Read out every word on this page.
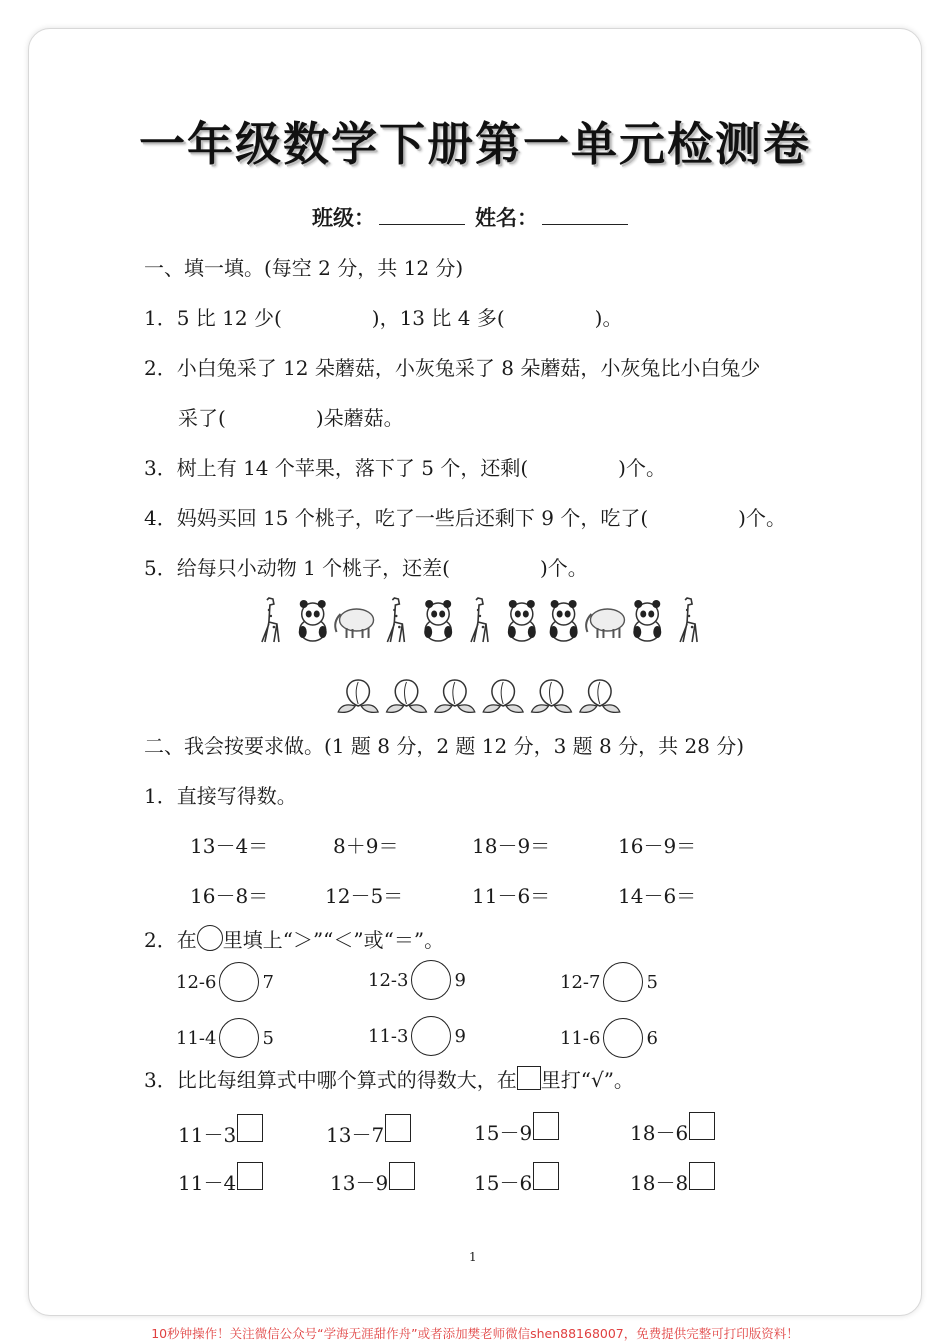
一年级数学下册第一单元检测卷
班级：	姓名：
一、填一填。(每空 2 分，共 12 分)
1．5 比 12 少(	)，13 比 4 多(	)。
2．小白兔采了 12 朵蘑菇，小灰兔采了 8 朵蘑菇，小灰兔比小白兔少
采了(	)朵蘑菇。
3．树上有 14 个苹果，落下了 5 个，还剩(	)个。
4．妈妈买回 15 个桃子，吃了一些后还剩下 9 个，吃了(	)个。
5．给每只小动物 1 个桃子，还差(	)个。
二、我会按要求做。(1 题 8 分，2 题 12 分，3 题 8 分，共 28 分)
1．直接写得数。
13－4＝	8＋9＝	18－9＝	16－9＝
16－8＝	12－5＝	11－6＝	14－6＝
2．在 里填上“＞”“＜”或“＝”。
12-6	7	12-3	9	12-7	5
11-4	5	11-3	9	11-6	6
3．比比每组算式中哪个算式的得数大，在 里打“√”。
11－3	13－7	15－9	18－6
11－4	13－9	15－6	18－8
1
10秒钟操作！关注微信公众号“学海无涯甜作舟”或者添加樊老师微信shen88168007，免费提供完整可打印版资料！
